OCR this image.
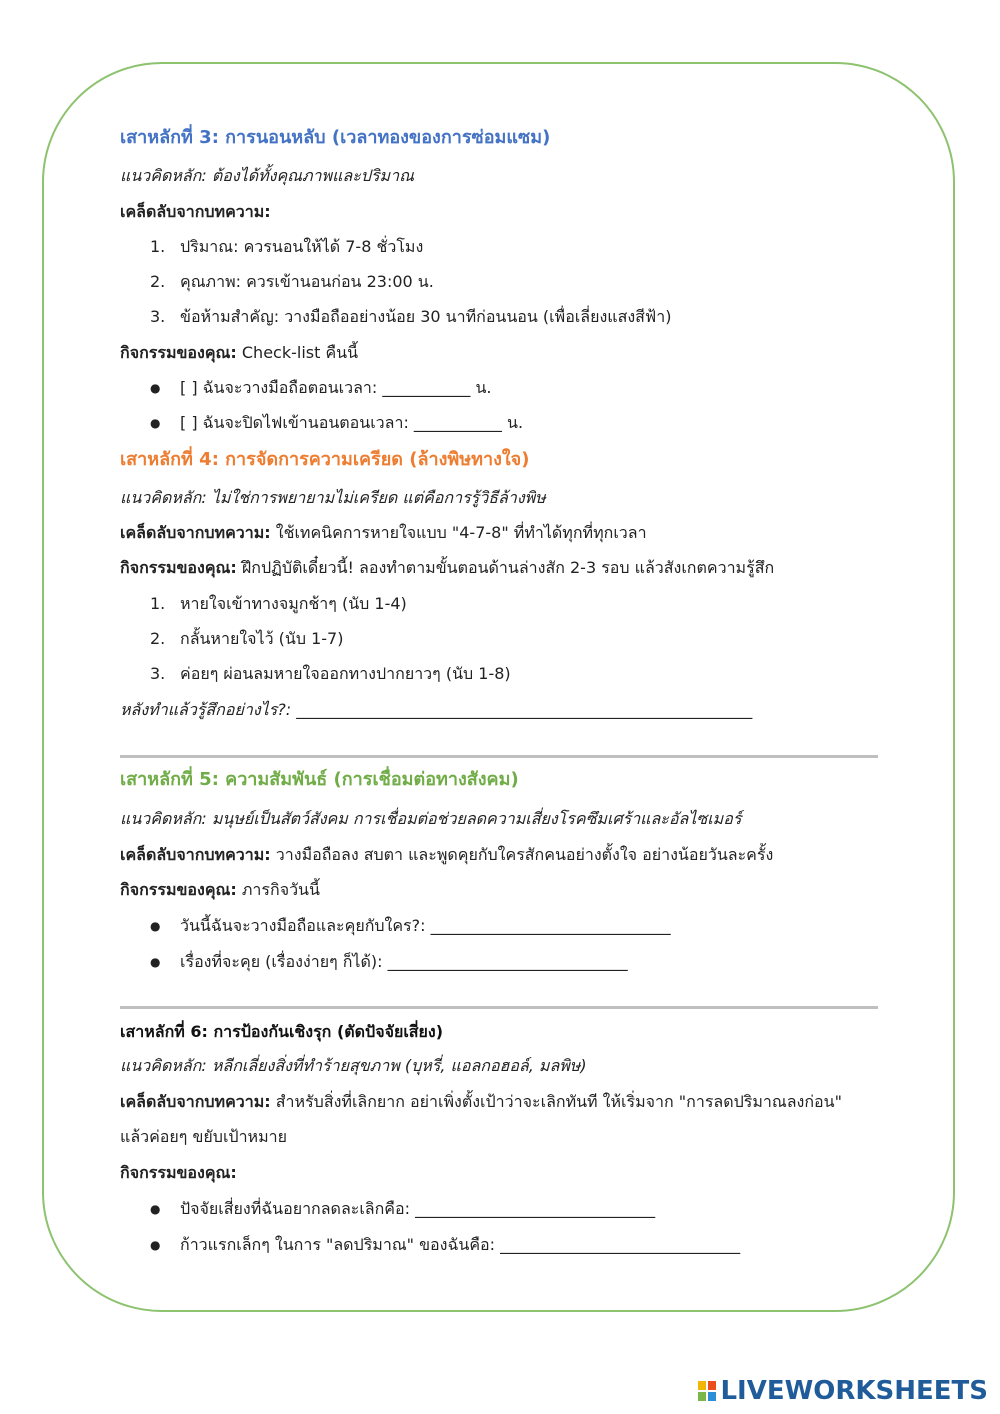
เสาหลักที่ 3: การนอนหลับ (เวลาทองของการซ่อมแซม)
แนวคิดหลัก: ต้องได้ทั้งคุณภาพและปริมาณ
เคล็ดลับจากบทความ:
1. ปริมาณ: ควรนอนให้ได้ 7-8 ชั่วโมง
2. คุณภาพ: ควรเข้านอนก่อน 23:00 น.
3. ข้อห้ามสำคัญ: วางมือถืออย่างน้อย 30 นาทีก่อนนอน (เพื่อเลี่ยงแสงสีฟ้า)
กิจกรรมของคุณ: Check-list คืนนี้
● [ ] ฉันจะวางมือถือตอนเวลา: ___________ น.
● [ ] ฉันจะปิดไฟเข้านอนตอนเวลา: ___________ น.
เสาหลักที่ 4: การจัดการความเครียด (ล้างพิษทางใจ)
แนวคิดหลัก: ไม่ใช่การพยายามไม่เครียด แต่คือการรู้วิธีล้างพิษ
เคล็ดลับจากบทความ: ใช้เทคนิคการหายใจแบบ "4-7-8" ที่ทำได้ทุกที่ทุกเวลา
กิจกรรมของคุณ: ฝึกปฏิบัติเดี๋ยวนี้! ลองทำตามขั้นตอนด้านล่างสัก 2-3 รอบ แล้วสังเกตความรู้สึก
1. หายใจเข้าทางจมูกช้าๆ (นับ 1-4)
2. กลั้นหายใจไว้ (นับ 1-7)
3. ค่อยๆ ผ่อนลมหายใจออกทางปากยาวๆ (นับ 1-8)
หลังทำแล้วรู้สึกอย่างไร?: _________________________________________________________
เสาหลักที่ 5: ความสัมพันธ์ (การเชื่อมต่อทางสังคม)
แนวคิดหลัก: มนุษย์เป็นสัตว์สังคม การเชื่อมต่อช่วยลดความเสี่ยงโรคซึมเศร้าและอัลไซเมอร์
เคล็ดลับจากบทความ: วางมือถือลง สบตา และพูดคุยกับใครสักคนอย่างตั้งใจ อย่างน้อยวันละครั้ง
กิจกรรมของคุณ: ภารกิจวันนี้
● วันนี้ฉันจะวางมือถือและคุยกับใคร?: ______________________________
● เรื่องที่จะคุย (เรื่องง่ายๆ ก็ได้): ______________________________
เสาหลักที่ 6: การป้องกันเชิงรุก (ตัดปัจจัยเสี่ยง)
แนวคิดหลัก: หลีกเลี่ยงสิ่งที่ทำร้ายสุขภาพ (บุหรี่, แอลกอฮอล์, มลพิษ)
เคล็ดลับจากบทความ: สำหรับสิ่งที่เลิกยาก อย่าเพิ่งตั้งเป้าว่าจะเลิกทันที ให้เริ่มจาก "การลดปริมาณลงก่อน"
แล้วค่อยๆ ขยับเป้าหมาย
กิจกรรมของคุณ:
● ปัจจัยเสี่ยงที่ฉันอยากลดละเลิกคือ: ______________________________
● ก้าวแรกเล็กๆ ในการ "ลดปริมาณ" ของฉันคือ: ______________________________
LIVEWORKSHEETS
